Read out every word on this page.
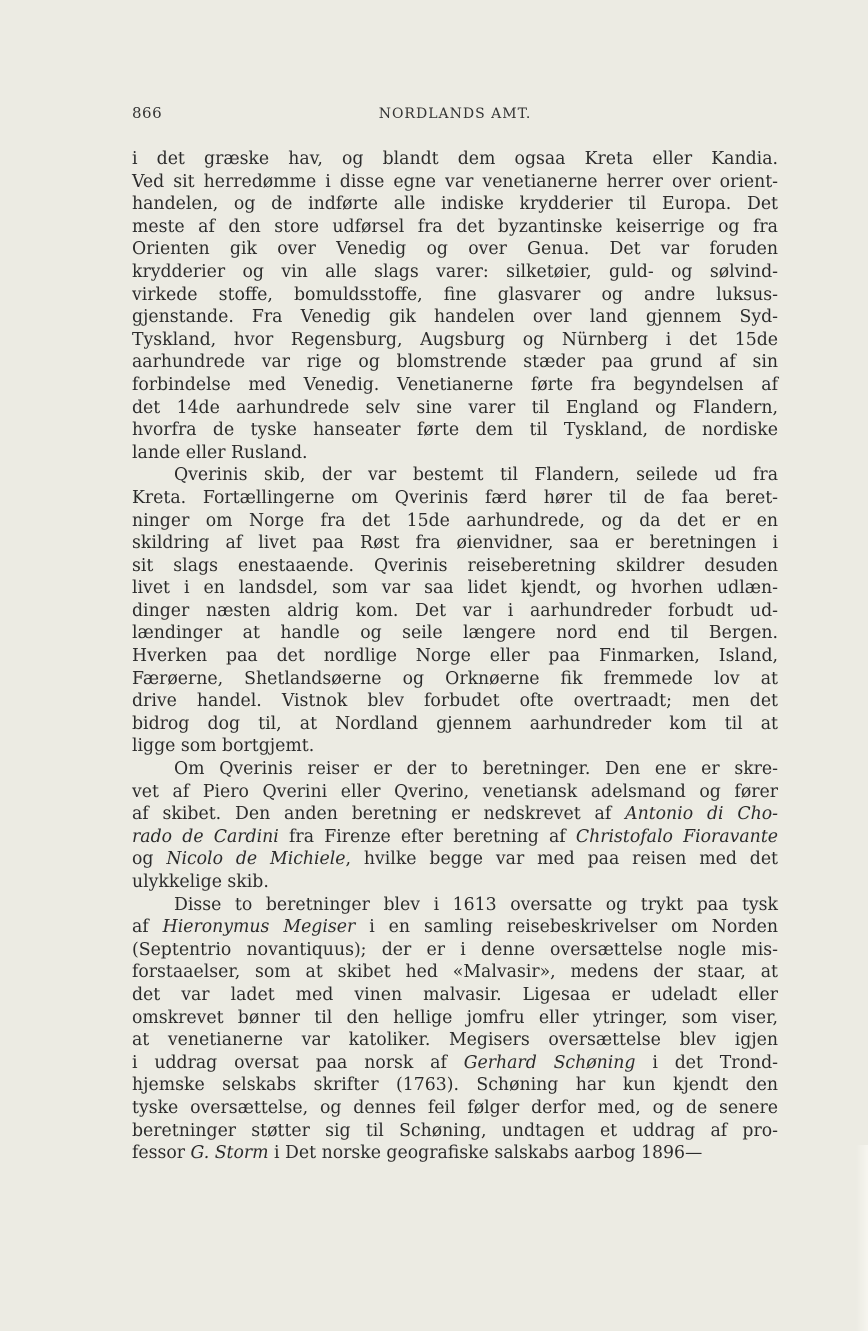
866	NORDLANDS AMT.

i det græske hav, og blandt dem ogsaa Kreta eller Kandia.

Ved sit herredømme i disse egne var venetianerne herrer over orient-

handelen, og de indførte alle indiske krydderier til Europa. Det

meste af den store udførsel fra det byzantinske keiserrige og fra

Orienten gik over Venedig og over Genua. Det var foruden

krydderier og vin alle slags varer: silketøier, guld- og sølvind-

virkede stoffe, bomuldsstoffe, fine glasvarer og andre luksus-

gjenstande. Fra Venedig gik handelen over land gjennem Syd-

Tyskland, hvor Regensburg, Augsburg og Nürnberg i det 15de

aarhundrede var rige og blomstrende stæder paa grund af sin

forbindelse med Venedig. Venetianerne førte fra begyndelsen af

det 14de aarhundrede selv sine varer til England og Flandern,

hvorfra de tyske hanseater førte dem til Tyskland, de nordiske

lande eller Rusland.

Qverinis skib, der var bestemt til Flandern, seilede ud fra

Kreta. Fortællingerne om Qverinis færd hører til de faa beret-

ninger om Norge fra det 15de aarhundrede, og da det er en

skildring af livet paa Røst fra øienvidner, saa er beretningen i

sit slags enestaaende. Qverinis reiseberetning skildrer desuden

livet i en landsdel, som var saa lidet kjendt, og hvorhen udlæn-

dinger næsten aldrig kom. Det var i aarhundreder forbudt ud-

lændinger at handle og seile længere nord end til Bergen.

Hverken paa det nordlige Norge eller paa Finmarken, Island,

Færøerne, Shetlandsøerne og Orknøerne fik fremmede lov at

drive handel. Vistnok blev forbudet ofte overtraadt; men det

bidrog dog til, at Nordland gjennem aarhundreder kom til at

ligge som bortgjemt.

Om Qverinis reiser er der to beretninger. Den ene er skre-

vet af Piero Qverini eller Qverino, venetiansk adelsmand og fører

af skibet. Den anden beretning er nedskrevet af Antonio di Cho-

rado de Cardini fra Firenze efter beretning af Christofalo Fioravante

og Nicolo de Michiele, hvilke begge var med paa reisen med det

ulykkelige skib.

Disse to beretninger blev i 1613 oversatte og trykt paa tysk

af Hieronymus Megiser i en samling reisebeskrivelser om Norden

(Septentrio novantiquus); der er i denne oversættelse nogle mis-

forstaaelser, som at skibet hed «Malvasir», medens der staar, at

det var ladet med vinen malvasir. Ligesaa er udeladt eller

omskrevet bønner til den hellige jomfru eller ytringer, som viser,

at venetianerne var katoliker. Megisers oversættelse blev igjen

i uddrag oversat paa norsk af Gerhard Schøning i det Trond-

hjemske selskabs skrifter (1763). Schøning har kun kjendt den

tyske oversættelse, og dennes feil følger derfor med, og de senere

beretninger støtter sig til Schøning, undtagen et uddrag af pro-

fessor G. Storm i Det norske geografiske salskabs aarbog 1896—
